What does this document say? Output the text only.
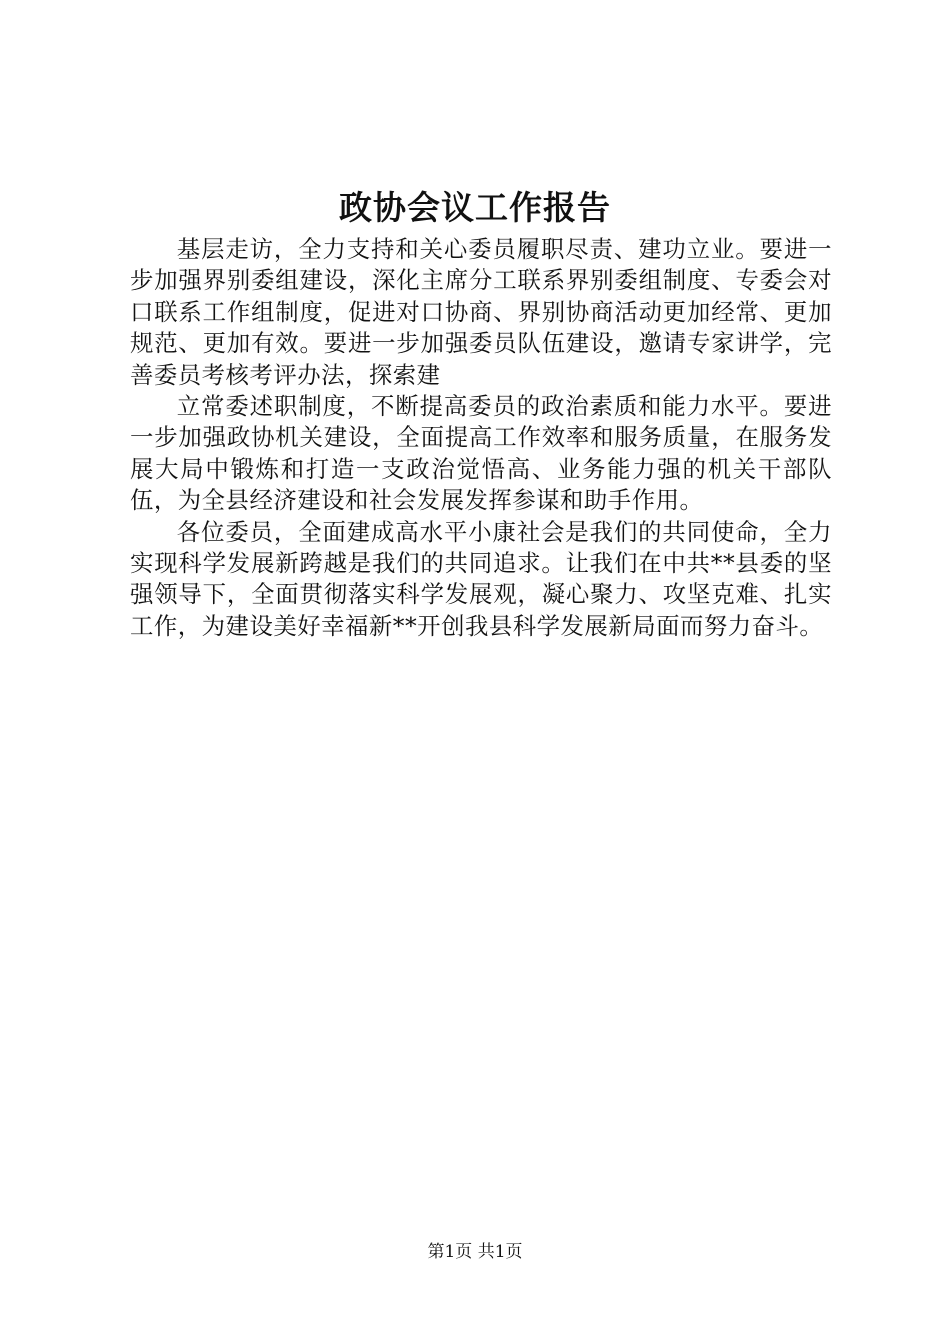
政协会议工作报告

基层走访，全力支持和关心委员履职尽责、建功立业。要进一步加强界别委组建设，深化主席分工联系界别委组制度、专委会对口联系工作组制度，促进对口协商、界别协商活动更加经常、更加规范、更加有效。要进一步加强委员队伍建设，邀请专家讲学，完善委员考核考评办法，探索建

立常委述职制度，不断提高委员的政治素质和能力水平。要进一步加强政协机关建设，全面提高工作效率和服务质量，在服务发展大局中锻炼和打造一支政治觉悟高、业务能力强的机关干部队伍，为全县经济建设和社会发展发挥参谋和助手作用。

各位委员，全面建成高水平小康社会是我们的共同使命，全力实现科学发展新跨越是我们的共同追求。让我们在中共**县委的坚强领导下，全面贯彻落实科学发展观，凝心聚力、攻坚克难、扎实工作，为建设美好幸福新**开创我县科学发展新局面而努力奋斗。

第1页 共1页
